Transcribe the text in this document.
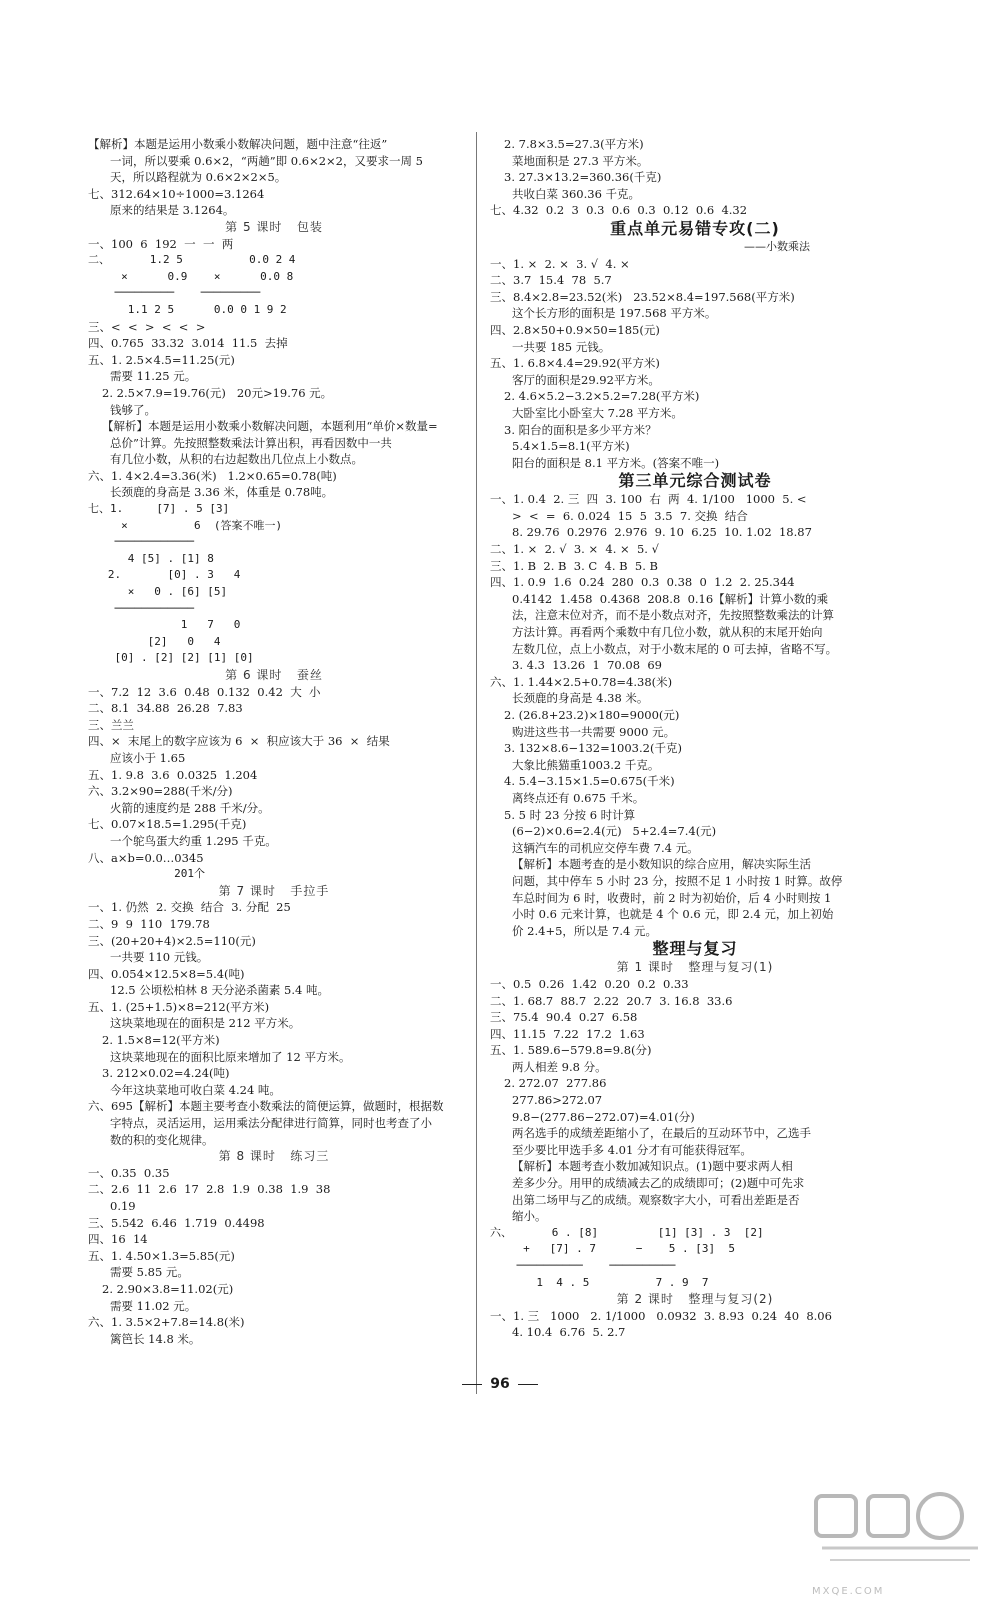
【解析】本题是运用小数乘小数解决问题，题中注意“往返”
一词，所以要乘 0.6×2，“两趟”即 0.6×2×2，又要求一周 5
天，所以路程就为 0.6×2×2×5。
七、312.64×10÷1000=3.1264
原来的结果是 3.1264。
第 5 课时   包装
一、100  6  192  一  一  两
二、      1.2 5          0.0 2 4
×      0.9    ×      0.0 8
─────────    ─────────
1.1 2 5      0.0 0 1 9 2
三、<  <  >  <  <  >
四、0.765  33.32  3.014  11.5  去掉
五、1. 2.5×4.5=11.25(元)
需要 11.25 元。
2. 2.5×7.9=19.76(元)   20元>19.76 元。
钱够了。
【解析】本题是运用小数乘小数解决问题，本题利用“单价×数量=
总价”计算。先按照整数乘法计算出积，再看因数中一共
有几位小数，从积的右边起数出几位点上小数点。
六、1. 4×2.4=3.36(米)   1.2×0.65=0.78(吨)
长颈鹿的身高是 3.36 米，体重是 0.78吨。
七、1.     [7] . 5 [3]
×          6  (答案不唯一)
────────────
4 [5] . [1] 8
2.       [0] . 3   4
×   0 . [6] [5]
────────────
1   7   0
[2]   0   4
[0] . [2] [2] [1] [0]
第 6 课时   蚕丝
一、7.2  12  3.6  0.48  0.132  0.42  大  小
二、8.1  34.88  26.28  7.83
三、兰兰
四、×  末尾上的数字应该为 6  ×  积应该大于 36  ×  结果
应该小于 1.65
五、1. 9.8  3.6  0.0325  1.204
六、3.2×90=288(千米/分)
火箭的速度约是 288 千米/分。
七、0.07×18.5=1.295(千克)
一个鸵鸟蛋大约重 1.295 千克。
八、a×b=0.0…0345
201个
第 7 课时   手拉手
一、1. 仍然  2. 交换  结合  3. 分配  25
二、9  9  110  179.78
三、(20+20+4)×2.5=110(元)
一共要 110 元钱。
四、0.054×12.5×8=5.4(吨)
12.5 公顷松柏林 8 天分泌杀菌素 5.4 吨。
五、1. (25+1.5)×8=212(平方米)
这块菜地现在的面积是 212 平方米。
2. 1.5×8=12(平方米)
这块菜地现在的面积比原来增加了 12 平方米。
3. 212×0.02=4.24(吨)
今年这块菜地可收白菜 4.24 吨。
六、695【解析】本题主要考查小数乘法的简便运算，做题时，根据数
字特点，灵活运用，运用乘法分配律进行简算，同时也考查了小
数的积的变化规律。
第 8 课时   练习三
一、0.35  0.35
二、2.6  11  2.6  17  2.8  1.9  0.38  1.9  38
0.19
三、5.542  6.46  1.719  0.4498
四、16  14
五、1. 4.50×1.3=5.85(元)
需要 5.85 元。
2. 2.90×3.8=11.02(元)
需要 11.02 元。
六、1. 3.5×2+7.8=14.8(米)
篱笆长 14.8 米。
2. 7.8×3.5=27.3(平方米)
菜地面积是 27.3 平方米。
3. 27.3×13.2=360.36(千克)
共收白菜 360.36 千克。
七、4.32  0.2  3  0.3  0.6  0.3  0.12  0.6  4.32
重点单元易错专攻(二)
——小数乘法
一、1. ×  2. ×  3. √  4. ×
二、3.7  15.4  78  5.7
三、8.4×2.8=23.52(米)   23.52×8.4=197.568(平方米)
这个长方形的面积是 197.568 平方米。
四、2.8×50+0.9×50=185(元)
一共要 185 元钱。
五、1. 6.8×4.4=29.92(平方米)
客厅的面积是29.92平方米。
2. 4.6×5.2−3.2×5.2=7.28(平方米)
大卧室比小卧室大 7.28 平方米。
3. 阳台的面积是多少平方米？
5.4×1.5=8.1(平方米)
阳台的面积是 8.1 平方米。(答案不唯一)
第三单元综合测试卷
一、1. 0.4  2. 三  四  3. 100  右  两  4. 1/100   1000  5. <
>  <  =  6. 0.024  15  5  3.5  7. 交换  结合
8. 29.76  0.2976  2.976  9. 10  6.25  10. 1.02  18.87
二、1. ×  2. √  3. ×  4. ×  5. √
三、1. B  2. B  3. C  4. B  5. B
四、1. 0.9  1.6  0.24  280  0.3  0.38  0  1.2  2. 25.344
0.4142  1.458  0.4368  208.8  0.16【解析】计算小数的乘
法，注意末位对齐，而不是小数点对齐，先按照整数乘法的计算
方法计算。再看两个乘数中有几位小数，就从积的末尾开始向
左数几位，点上小数点，对于小数末尾的 0 可去掉，省略不写。
3. 4.3  13.26  1  70.08  69
六、1. 1.44×2.5+0.78=4.38(米)
长颈鹿的身高是 4.38 米。
2. (26.8+23.2)×180=9000(元)
购进这些书一共需要 9000 元。
3. 132×8.6−132=1003.2(千克)
大象比熊猫重1003.2 千克。
4. 5.4−3.15×1.5=0.675(千米)
离终点还有 0.675 千米。
5. 5 时 23 分按 6 时计算
(6−2)×0.6=2.4(元)   5+2.4=7.4(元)
这辆汽车的司机应交停车费 7.4 元。
【解析】本题考查的是小数知识的综合应用，解决实际生活
问题，其中停车 5 小时 23 分，按照不足 1 小时按 1 时算。故停
车总时间为 6 时，收费时，前 2 时为初始价，后 4 小时则按 1
小时 0.6 元来计算，也就是 4 个 0.6 元，即 2.4 元，加上初始
价 2.4+5，所以是 7.4 元。
整理与复习
第 1 课时   整理与复习(1)
一、0.5  0.26  1.42  0.20  0.2  0.33
二、1. 68.7  88.7  2.22  20.7  3. 16.8  33.6
三、75.4  90.4  0.27  6.58
四、11.15  7.22  17.2  1.63
五、1. 589.6−579.8=9.8(分)
两人相差 9.8 分。
2. 272.07  277.86
277.86>272.07
9.8−(277.86−272.07)=4.01(分)
两名选手的成绩差距缩小了，在最后的互动环节中，乙选手
至少要比甲选手多 4.01 分才有可能获得冠军。
【解析】本题考查小数加减知识点。(1)题中要求两人相
差多少分。用甲的成绩减去乙的成绩即可；(2)题中可先求
出第二场甲与乙的成绩。观察数字大小，可看出差距是否
缩小。
六、      6 . [8]         [1] [3] . 3  [2]
+   [7] . 7      −    5 . [3]  5
──────────    ──────────
1  4 . 5          7 . 9  7
第 2 课时   整理与复习(2)
一、1. 三   1000   2. 1/1000   0.0932  3. 8.93  0.24  40  8.06
4. 10.4  6.76  5. 2.7
96
MXQE.COM
